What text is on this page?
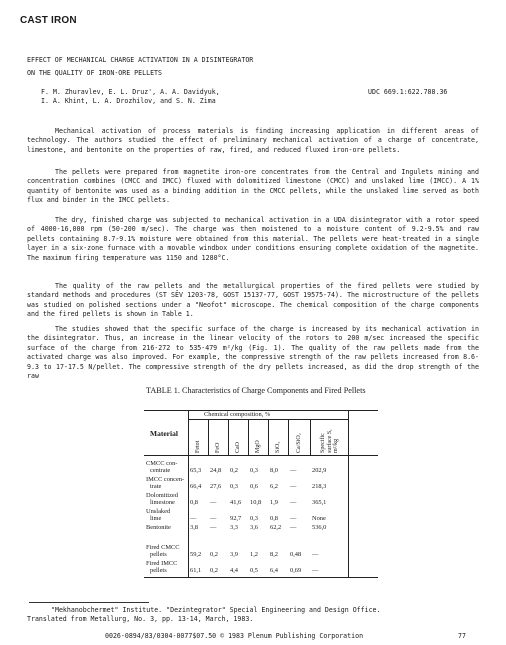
CAST IRON
EFFECT OF MECHANICAL CHARGE ACTIVATION IN A DISINTEGRATOR
ON THE QUALITY OF IRON-ORE PELLETS
F. M. Zhuravlev, E. L. Druz', A. A. Davidyuk,
I. A. Khint, L. A. Drozhilov, and S. N. Zima
UDC 669.1:622.788.36

Mechanical activation of process materials is finding increasing application in different areas of technology. The authors studied the effect of preliminary mechanical activation of a charge of concentrate, limestone, and bentonite on the properties of raw, fired, and reduced fluxed iron-ore pellets.

The pellets were prepared from magnetite iron-ore concentrates from the Central and Ingulets mining and concentration combines (CMCC and IMCC) fluxed with dolomitized limestone (CMCC) and unslaked lime (IMCC). A 1% quantity of bentonite was used as a binding addition in the CMCC pellets, while the unslaked lime served as both flux and binder in the IMCC pellets.

The dry, finished charge was subjected to mechanical activation in a UDA disintegrator with a rotor speed of 4000-16,000 rpm (50-200 m/sec). The charge was then moistened to a moisture content of 9.2-9.5% and raw pellets containing 8.7-9.1% moisture were obtained from this material. The pellets were heat-treated in a single layer in a six-zone furnace with a movable windbox under conditions ensuring complete oxidation of the magnetite. The maximum firing temperature was 1150 and 1280°C.

The quality of the raw pellets and the metallurgical properties of the fired pellets were studied by standard methods and procedures (ST SĒV 1203-78, GOST 15137-77, GOST 19575-74). The microstructure of the pellets was studied on polished sections under a "Neofot" microscope. The chemical composition of the charge components and the fired pellets is shown in Table 1.

The studies showed that the specific surface of the charge is increased by its mechanical activation in the disintegrator. Thus, an increase in the linear velocity of the rotors to 200 m/sec increased the specific surface of the charge from 216-272 to 535-479 m²/kg (Fig. 1). The quality of the raw pellets made from the activated charge was also improved. For example, the compressive strength of the raw pellets increased from 8.6-9.3 to 17-17.5 N/pellet. The compressive strength of the dry pellets increased, as did the drop strength of the raw

TABLE 1. Characteristics of Charge Components and Fired Pellets
Chemical composition, %
Material
Fetot FeO CaO MgO SiO₂	Ca/SiO₂	Specific surface S, m²/kg
CMCC con-
centrate	65,3 24,8 0,2 0,3 8,0 — 202,9
IMCC concen-
trate	66,4 27,6 0,3 0,6 6,2 — 218,3
Dolomitized
limestone 0,8 — 41,6 10,8 1,9 — 365,1
Unslaked
lime	— — 92,7 0,3 0,8 — None
Bentonite	3,8 — 3,3 3,6 62,2 — 536,0
Fired CMCC
pellets	59,2 0,2 3,9 1,2 8,2 0,48 —
Fired IMCC
pellets	61,1 0,2 4,4 0,5 6,4 0,69 —
"Mekhanobchermet" Institute. "Dezintegrator" Special Engineering and Design Office.
Translated from Metallurg, No. 3, pp. 13-14, March, 1983.
0026-0894/83/0304-0077$07.50 © 1983 Plenum Publishing Corporation	77
